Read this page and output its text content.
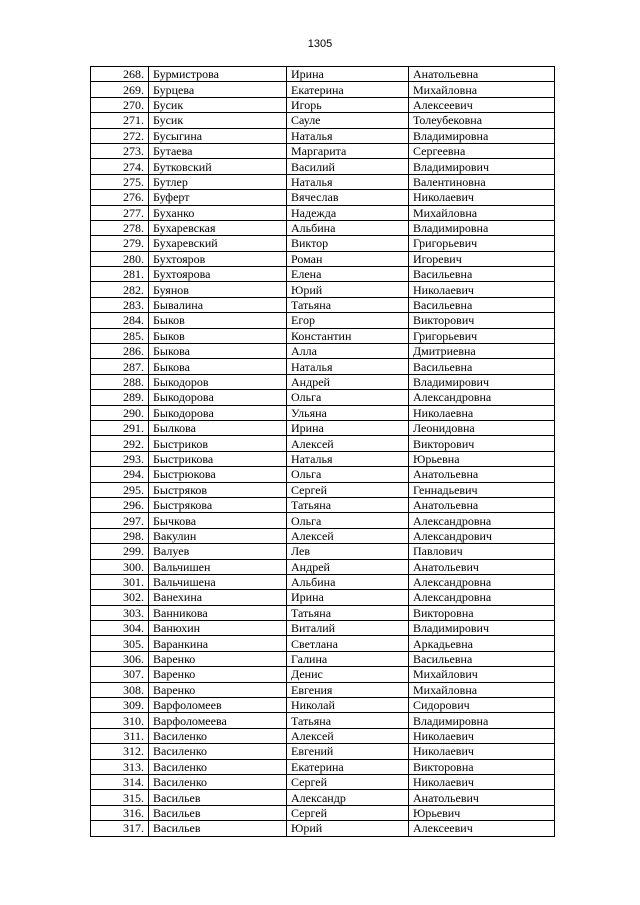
1305
268.	Бурмистрова	Ирина	Анатольевна
269.	Бурцева	Екатерина	Михайловна
270.	Бусик	Игорь	Алексеевич
271.	Бусик	Сауле	Толеубековна
272.	Бусыгина	Наталья	Владимировна
273.	Бутаева	Маргарита	Сергеевна
274.	Бутковский	Василий	Владимирович
275.	Бутлер	Наталья	Валентиновна
276.	Буферт	Вячеслав	Николаевич
277.	Буханко	Надежда	Михайловна
278.	Бухаревская	Альбина	Владимировна
279.	Бухаревский	Виктор	Григорьевич
280.	Бухтояров	Роман	Игоревич
281.	Бухтоярова	Елена	Васильевна
282.	Буянов	Юрий	Николаевич
283.	Бывалина	Татьяна	Васильевна
284.	Быков	Егор	Викторович
285.	Быков	Константин	Григорьевич
286.	Быкова	Алла	Дмитриевна
287.	Быкова	Наталья	Васильевна
288.	Быкодоров	Андрей	Владимирович
289.	Быкодорова	Ольга	Александровна
290.	Быкодорова	Ульяна	Николаевна
291.	Былкова	Ирина	Леонидовна
292.	Быстриков	Алексей	Викторович
293.	Быстрикова	Наталья	Юрьевна
294.	Быстрюкова	Ольга	Анатольевна
295.	Быстряков	Сергей	Геннадьевич
296.	Быстрякова	Татьяна	Анатольевна
297.	Бычкова	Ольга	Александровна
298.	Вакулин	Алексей	Александрович
299.	Валуев	Лев	Павлович
300.	Вальчишен	Андрей	Анатольевич
301.	Вальчишена	Альбина	Александровна
302.	Ванехина	Ирина	Александровна
303.	Ванникова	Татьяна	Викторовна
304.	Ванюхин	Виталий	Владимирович
305.	Варанкина	Светлана	Аркадьевна
306.	Варенко	Галина	Васильевна
307.	Варенко	Денис	Михайлович
308.	Варенко	Евгения	Михайловна
309.	Варфоломеев	Николай	Сидорович
310.	Варфоломеева	Татьяна	Владимировна
311.	Василенко	Алексей	Николаевич
312.	Василенко	Евгений	Николаевич
313.	Василенко	Екатерина	Викторовна
314.	Василенко	Сергей	Николаевич
315.	Васильев	Александр	Анатольевич
316.	Васильев	Сергей	Юрьевич
317.	Васильев	Юрий	Алексеевич
